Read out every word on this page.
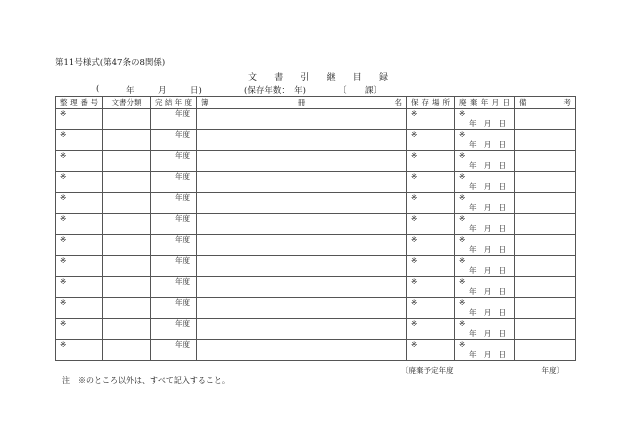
第11号様式(第47条の8関係)
文 書 引 継 目 録
(	年	月	日)	(保存年数：　年)	〔 課〕
整 理 番 号	文書分類	完 結 年 度	簿 冊 名	保 存 場 所	廃 棄 年 月 日	備 考

※		年度		※	※
年 月 日	

※		年度		※	※
年 月 日	

※		年度		※	※
年 月 日	

※		年度		※	※
年 月 日	

※		年度		※	※
年 月 日	

※		年度		※	※
年 月 日	

※		年度		※	※
年 月 日	

※		年度		※	※
年 月 日	

※		年度		※	※
年 月 日	

※		年度		※	※
年 月 日	

※		年度		※	※
年 月 日	

※		年度		※	※
年 月 日	

〔廃棄予定年度	年度〕
注　※のところ以外は、すべて記入すること。
